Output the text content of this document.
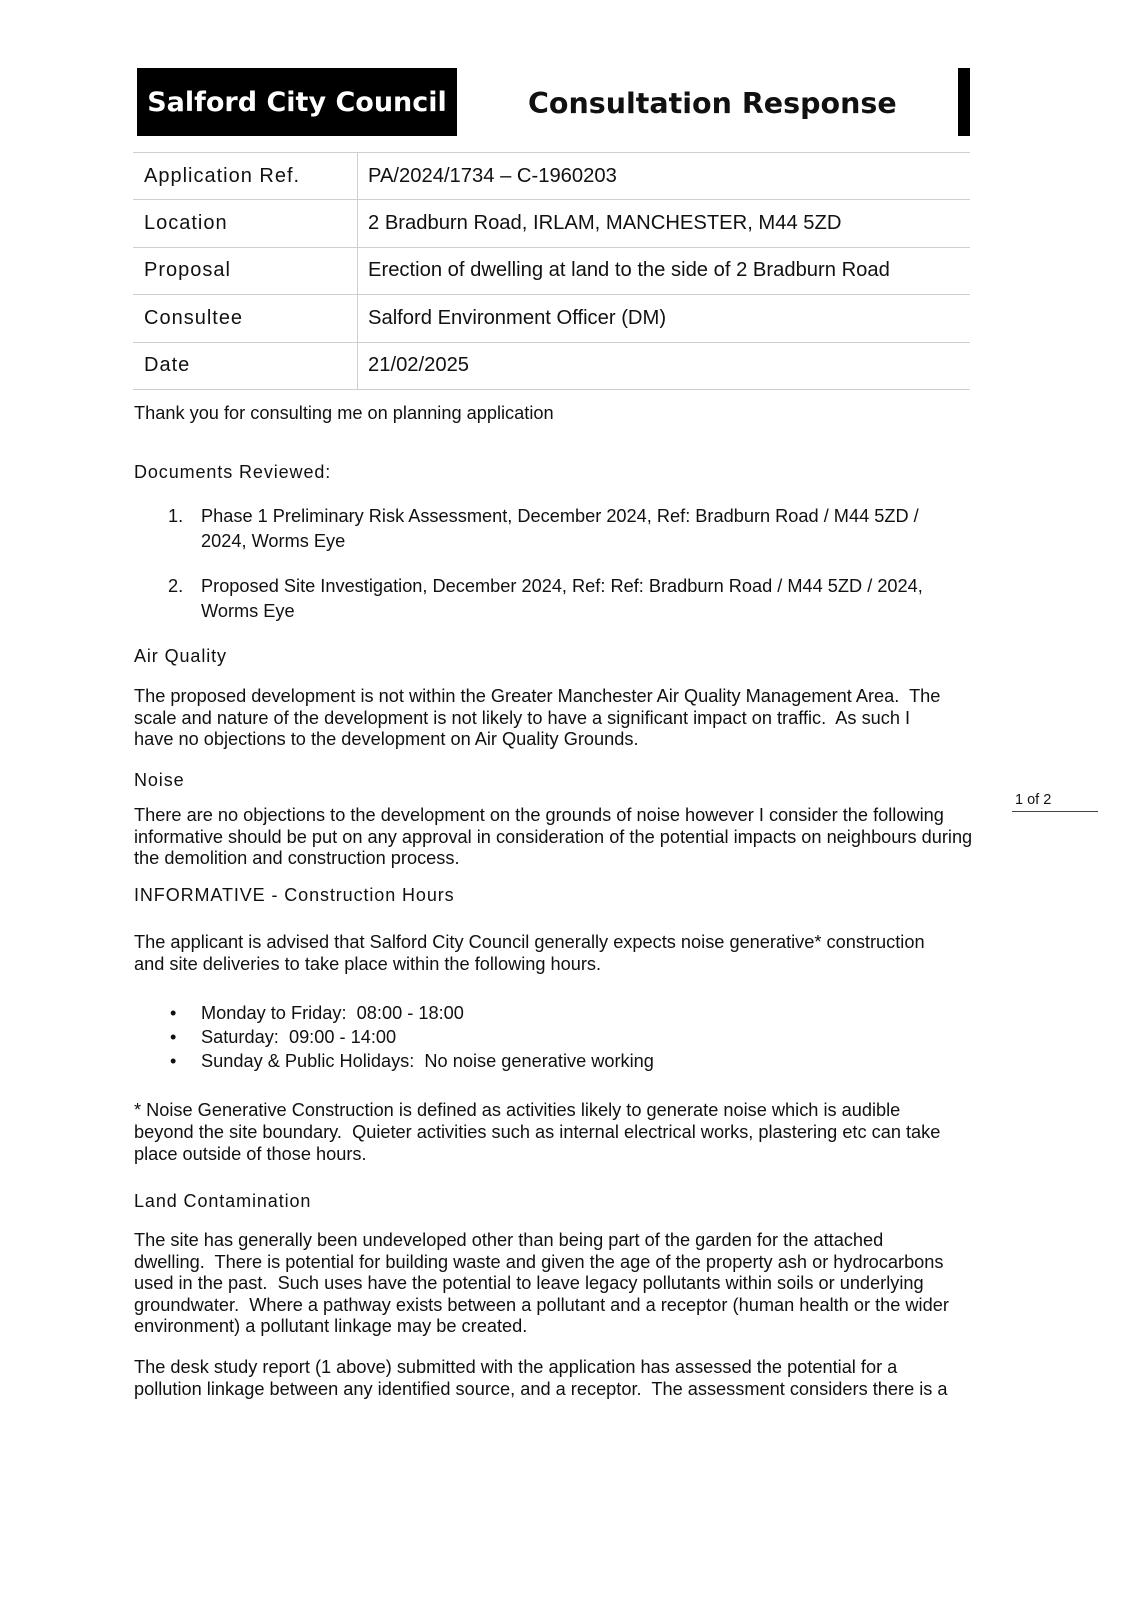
Salford City Council	Consultation Response
Application Ref.	PA/2024/1734 – C-1960203
Location	2 Bradburn Road, IRLAM, MANCHESTER, M44 5ZD
Proposal	Erection of dwelling at land to the side of 2 Bradburn Road
Consultee	Salford Environment Officer (DM)
Date	21/02/2025
Thank you for consulting me on planning application
Documents Reviewed:
1. Phase 1 Preliminary Risk Assessment, December 2024, Ref: Bradburn Road / M44 5ZD /
2024, Worms Eye
2. Proposed Site Investigation, December 2024, Ref: Ref: Bradburn Road / M44 5ZD / 2024,
Worms Eye
Air Quality
The proposed development is not within the Greater Manchester Air Quality Management Area.  The
scale and nature of the development is not likely to have a significant impact on traffic.  As such I
have no objections to the development on Air Quality Grounds.
Noise
There are no objections to the development on the grounds of noise however I consider the following
informative should be put on any approval in consideration of the potential impacts on neighbours during
the demolition and construction process.
1 of 2
INFORMATIVE - Construction Hours
The applicant is advised that Salford City Council generally expects noise generative* construction
and site deliveries to take place within the following hours.
• Monday to Friday:  08:00 - 18:00
• Saturday:  09:00 - 14:00
• Sunday & Public Holidays:  No noise generative working
* Noise Generative Construction is defined as activities likely to generate noise which is audible
beyond the site boundary.  Quieter activities such as internal electrical works, plastering etc can take
place outside of those hours.
Land Contamination
The site has generally been undeveloped other than being part of the garden for the attached
dwelling.  There is potential for building waste and given the age of the property ash or hydrocarbons
used in the past.  Such uses have the potential to leave legacy pollutants within soils or underlying
groundwater.  Where a pathway exists between a pollutant and a receptor (human health or the wider
environment) a pollutant linkage may be created.
The desk study report (1 above) submitted with the application has assessed the potential for a
pollution linkage between any identified source, and a receptor.  The assessment considers there is a
